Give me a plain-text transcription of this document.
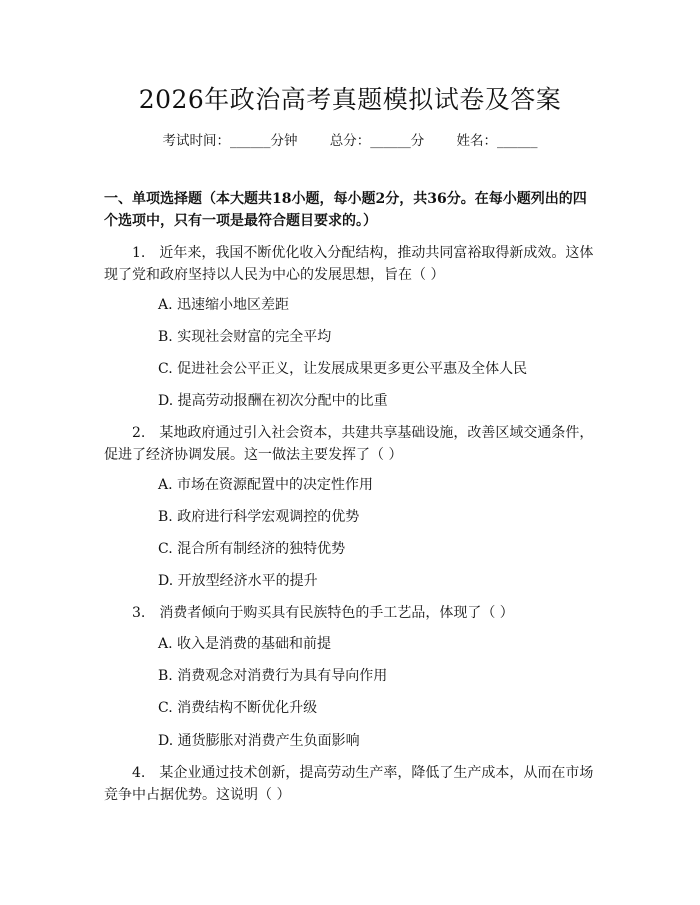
2026年政治高考真题模拟试卷及答案
考试时间：______分钟 总分：______分 姓名：______
一、单项选择题（本大题共18小题，每小题2分，共36分。在每小题列出的四个选项中，只有一项是最符合题目要求的。）
1.　近年来，我国不断优化收入分配结构，推动共同富裕取得新成效。这体现了党和政府坚持以人民为中心的发展思想，旨在（ ）
A. 迅速缩小地区差距
B. 实现社会财富的完全平均
C. 促进社会公平正义，让发展成果更多更公平惠及全体人民
D. 提高劳动报酬在初次分配中的比重
2.　某地政府通过引入社会资本，共建共享基础设施，改善区域交通条件，促进了经济协调发展。这一做法主要发挥了（ ）
A. 市场在资源配置中的决定性作用
B. 政府进行科学宏观调控的优势
C. 混合所有制经济的独特优势
D. 开放型经济水平的提升
3.　消费者倾向于购买具有民族特色的手工艺品，体现了（ ）
A. 收入是消费的基础和前提
B. 消费观念对消费行为具有导向作用
C. 消费结构不断优化升级
D. 通货膨胀对消费产生负面影响
4.　某企业通过技术创新，提高劳动生产率，降低了生产成本，从而在市场竞争中占据优势。这说明（ ）
